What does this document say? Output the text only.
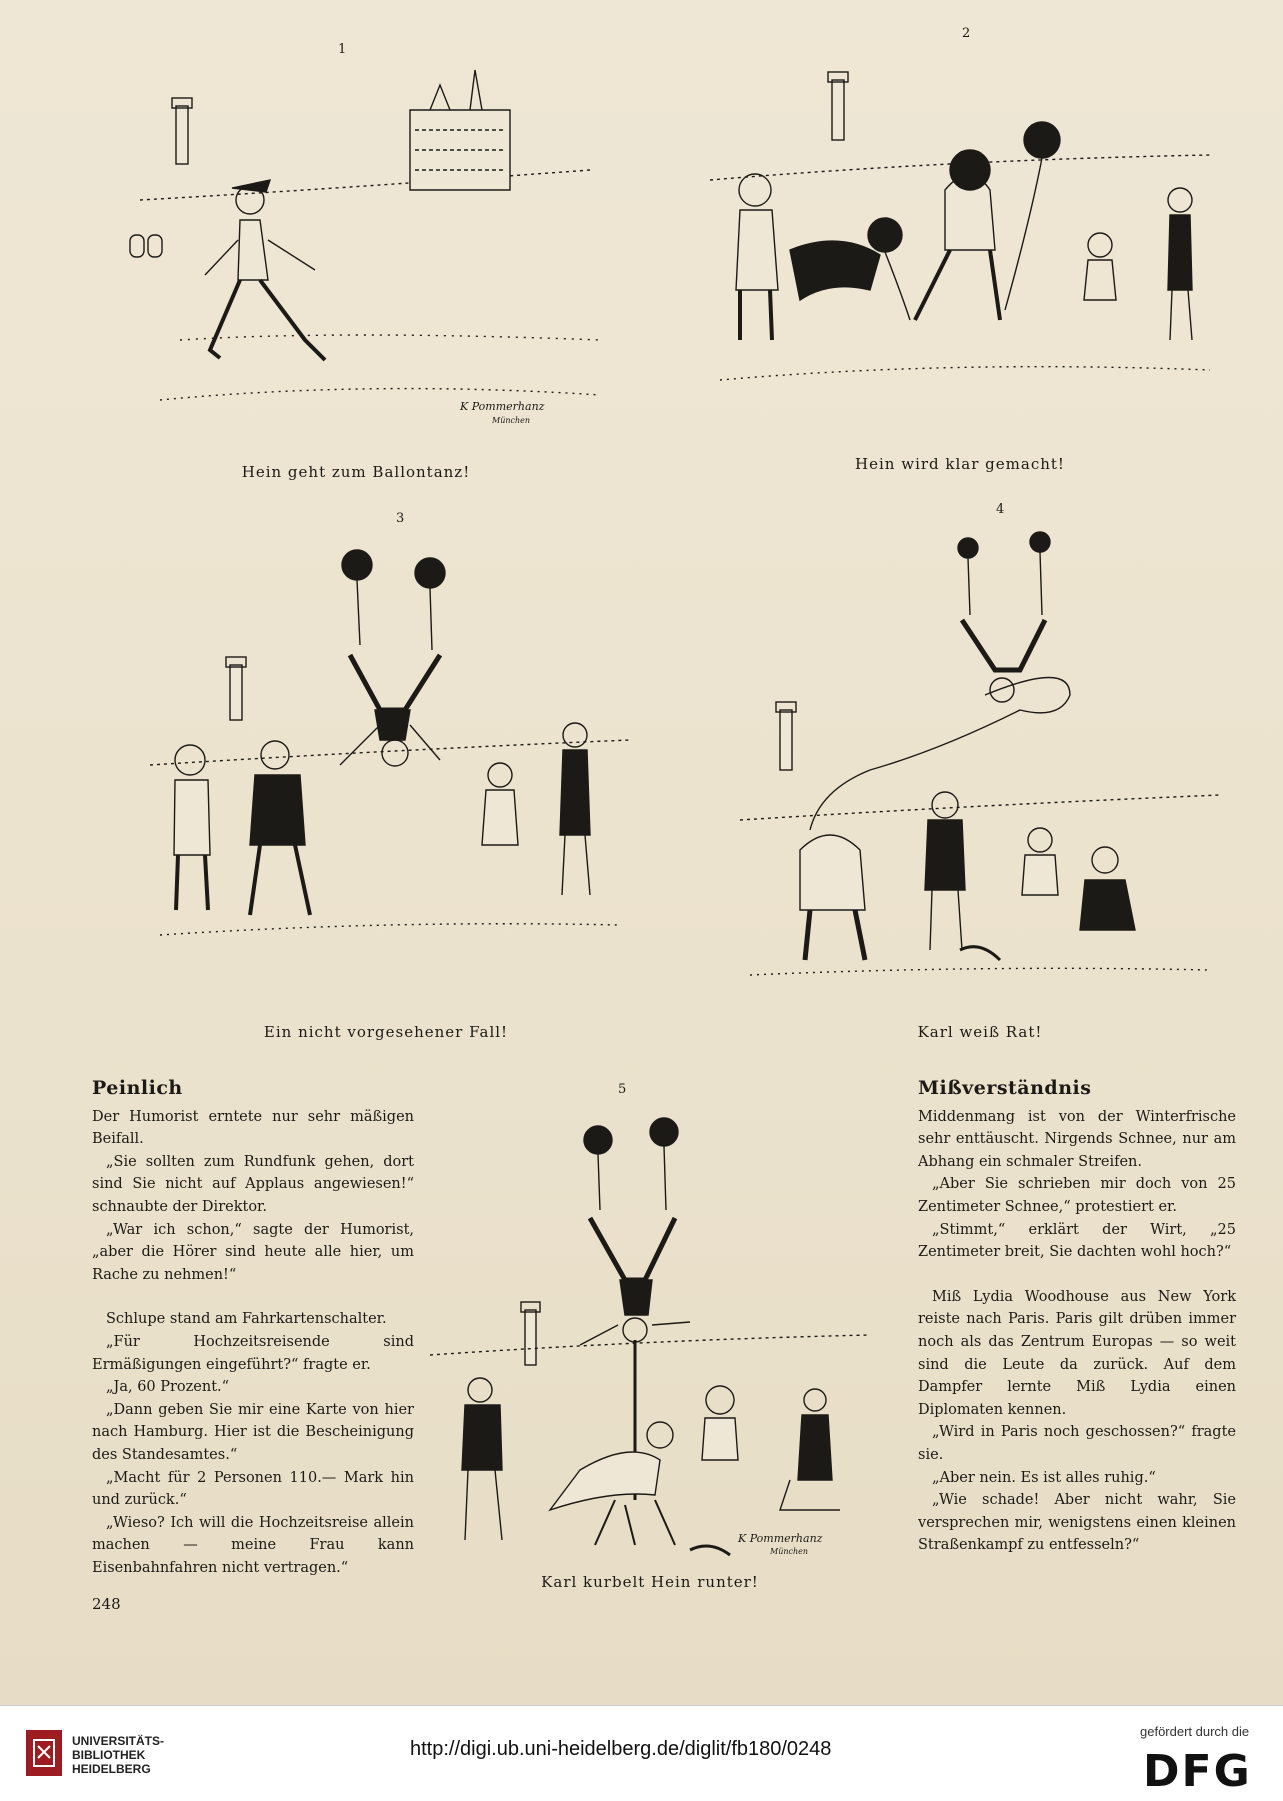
1
K Pommerhanz
München
Hein geht zum Ballontanz!
2
Hein wird klar gemacht!
3
Ein nicht vorgesehener Fall!
4
Karl weiß Rat!
Peinlich

Der Humorist erntete nur sehr mäßigen Beifall.

„Sie sollten zum Rundfunk gehen, dort sind Sie nicht auf Applaus angewiesen!“ schnaubte der Direktor.

„War ich schon,“ sagte der Humorist, „aber die Hörer sind heute alle hier, um Rache zu nehmen!“

Schlupe stand am Fahrkartenschalter.

„Für Hochzeitsreisende sind Ermäßigungen eingeführt?“ fragte er.

„Ja, 60 Prozent.“

„Dann geben Sie mir eine Karte von hier nach Hamburg. Hier ist die Bescheinigung des Standesamtes.“

„Macht für 2 Personen 110.— Mark hin und zurück.“

„Wieso? Ich will die Hochzeitsreise allein machen — meine Frau kann Eisenbahnfahren nicht vertragen.“

5
K Pommerhanz
München
Karl kurbelt Hein runter!
Mißverständnis

Middenmang ist von der Winterfrische sehr enttäuscht. Nirgends Schnee, nur am Abhang ein schmaler Streifen.

„Aber Sie schrieben mir doch von 25 Zentimeter Schnee,“ protestiert er.

„Stimmt,“ erklärt der Wirt, „25 Zentimeter breit, Sie dachten wohl hoch?“

Miß Lydia Woodhouse aus New York reiste nach Paris. Paris gilt drüben immer noch als das Zentrum Europas — so weit sind die Leute da zurück. Auf dem Dampfer lernte Miß Lydia einen Diplomaten kennen.

„Wird in Paris noch geschossen?“ fragte sie.

„Aber nein. Es ist alles ruhig.“

„Wie schade! Aber nicht wahr, Sie versprechen mir, wenigstens einen kleinen Straßenkampf zu entfesseln?“

248
UNIVERSITÄTS-
BIBLIOTHEK
HEIDELBERG
http://digi.ub.uni-heidelberg.de/diglit/fb180/0248
gefördert durch die
DFG
